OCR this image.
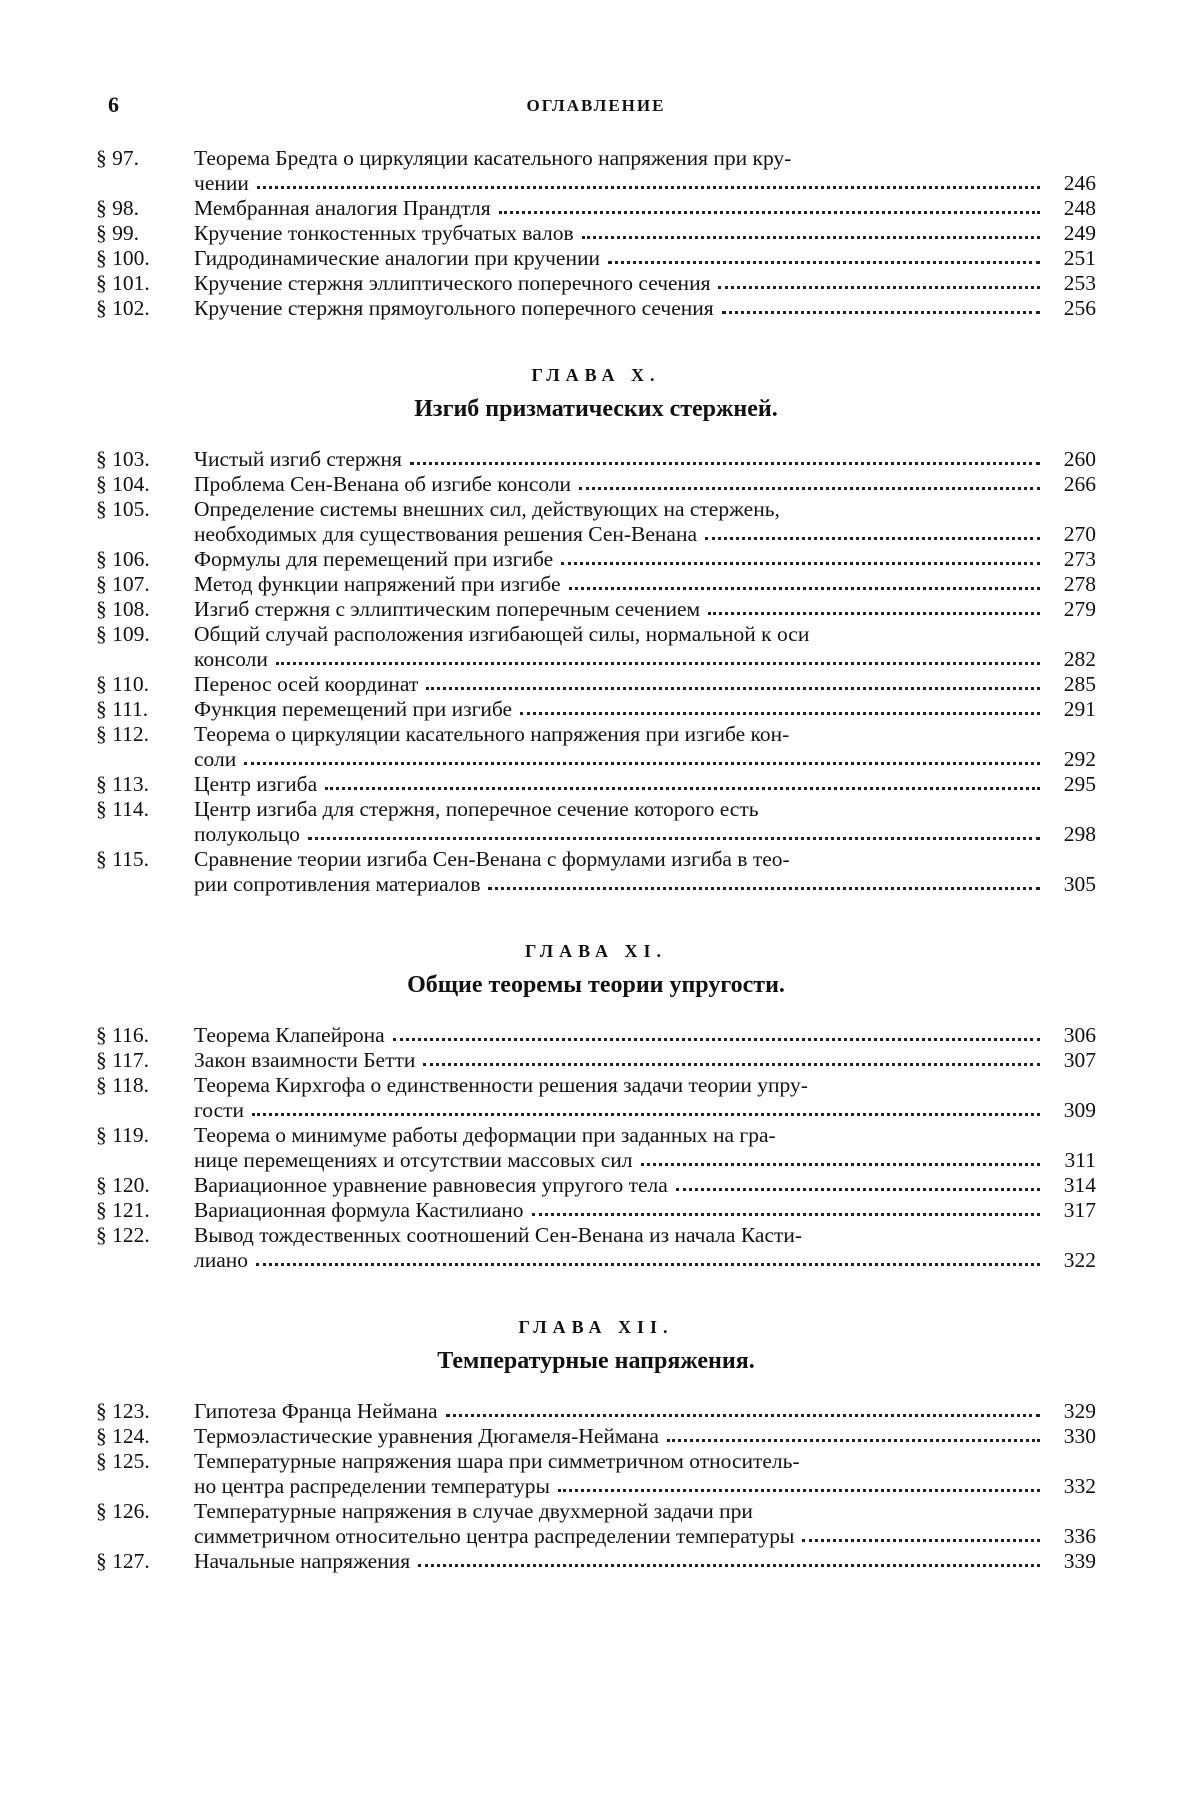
6	ОГЛАВЛЕНИЕ
§ 97.	Теорема Бредта о циркуляции касательного напряжения при кру-
чении	246
§ 98.	Мембранная аналогия Прандтля	248
§ 99.	Кручение тонкостенных трубчатых валов	249
§ 100.	Гидродинамические аналогии при кручении	251
§ 101.	Кручение стержня эллиптического поперечного сечения	253
§ 102.	Кручение стержня прямоугольного поперечного сечения	256
ГЛАВА X.
Изгиб призматических стержней.
§ 103.	Чистый изгиб стержня	260
§ 104.	Проблема Сен-Венана об изгибе консоли	266
§ 105.	Определение системы внешних сил, действующих на стержень,
необходимых для существования решения Сен-Венана	270
§ 106.	Формулы для перемещений при изгибе	273
§ 107.	Метод функции напряжений при изгибе	278
§ 108.	Изгиб стержня с эллиптическим поперечным сечением	279
§ 109.	Общий случай расположения изгибающей силы, нормальной к оси
консоли	282
§ 110.	Перенос осей координат	285
§ 111.	Функция перемещений при изгибе	291
§ 112.	Теорема о циркуляции касательного напряжения при изгибе кон-
соли	292
§ 113.	Центр изгиба	295
§ 114.	Центр изгиба для стержня, поперечное сечение которого есть
полукольцо	298
§ 115.	Сравнение теории изгиба Сен-Венана с формулами изгиба в тео-
рии сопротивления материалов	305
ГЛАВА XI.
Общие теоремы теории упругости.
§ 116.	Теорема Клапейрона	306
§ 117.	Закон взаимности Бетти	307
§ 118.	Теорема Кирхгофа о единственности решения задачи теории упру-
гости	309
§ 119.	Теорема о минимуме работы деформации при заданных на гра-
нице перемещениях и отсутствии массовых сил	311
§ 120.	Вариационное уравнение равновесия упругого тела	314
§ 121.	Вариационная формула Кастилиано	317
§ 122.	Вывод тождественных соотношений Сен-Венана из начала Касти-
лиано	322
ГЛАВА XII.
Температурные напряжения.
§ 123.	Гипотеза Франца Неймана	329
§ 124.	Термоэластические уравнения Дюгамеля-Неймана	330
§ 125.	Температурные напряжения шара при симметричном относитель-
но центра распределении температуры	332
§ 126.	Температурные напряжения в случае двухмерной задачи при
симметричном относительно центра распределении температуры	336
§ 127.	Начальные напряжения	339
